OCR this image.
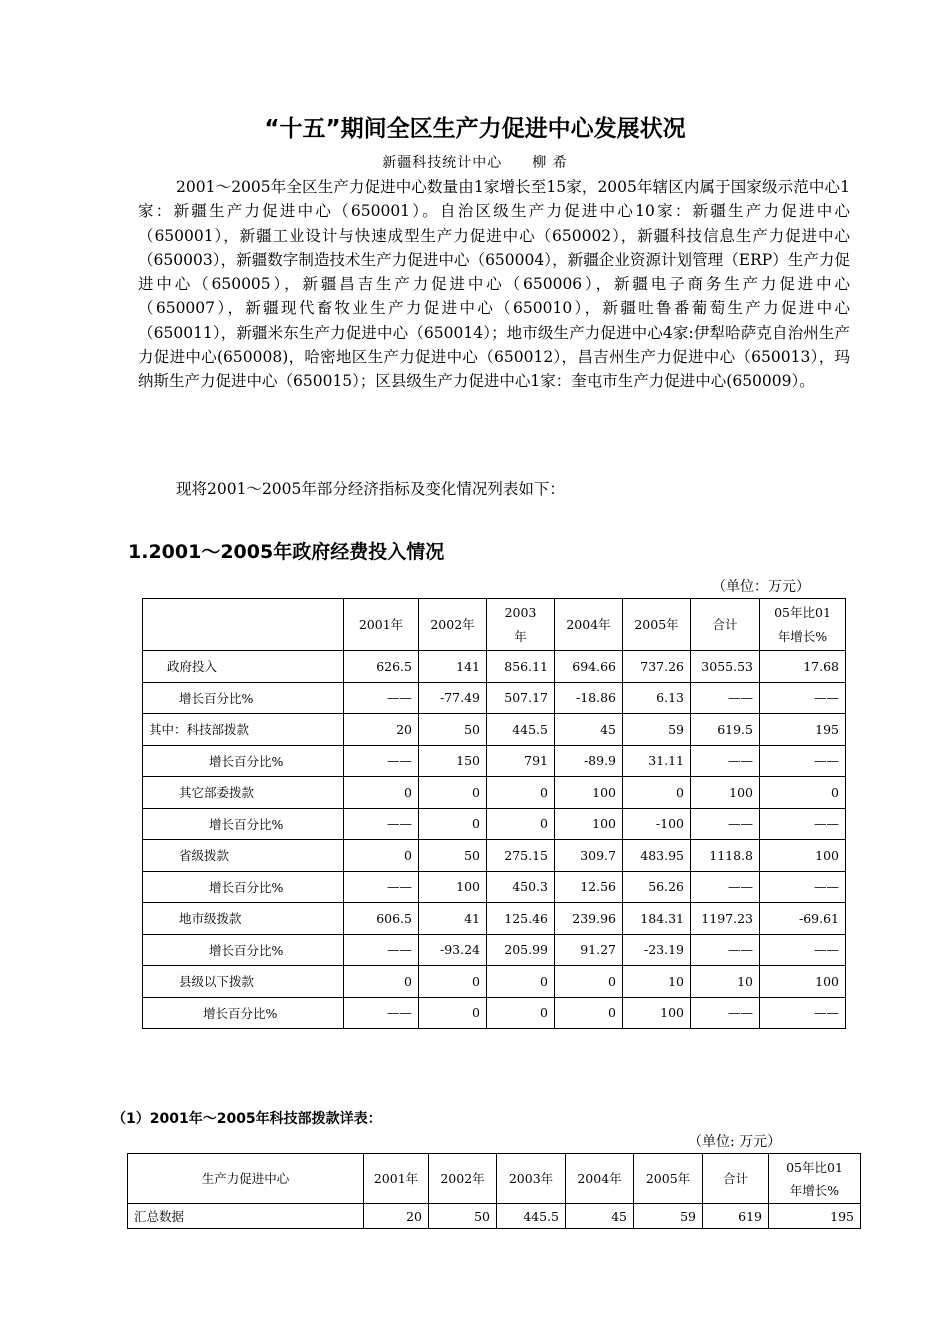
“十五”期间全区生产力促进中心发展状况
新疆科技统计中心 柳 希

2001～2005年全区生产力促进中心数量由1家增长至15家，2005年辖区内属于国家级示范中心1家：新疆生产力促进中心（650001）。自治区级生产力促进中心10家：新疆生产力促进中心（650001），新疆工业设计与快速成型生产力促进中心（650002），新疆科技信息生产力促进中心（650003），新疆数字制造技术生产力促进中心（650004），新疆企业资源计划管理（ERP）生产力促进中心（650005），新疆昌吉生产力促进中心（650006），新疆电子商务生产力促进中心（650007），新疆现代畜牧业生产力促进中心（650010），新疆吐鲁番葡萄生产力促进中心（650011），新疆米东生产力促进中心（650014）；地市级生产力促进中心4家:伊犁哈萨克自治州生产力促进中心(650008)，哈密地区生产力促进中心（650012），昌吉州生产力促进中心（650013），玛纳斯生产力促进中心（650015）；区县级生产力促进中心1家：奎屯市生产力促进中心(650009）。

现将2001～2005年部分经济指标及变化情况列表如下：

1.2001～2005年政府经费投入情况

（单位：万元）
	2001年	2002年	2003
年	2004年	2005年	合计	05年比01
年增长%
政府投入	626.5	141	856.11	694.66	737.26	3055.53	17.68
增长百分比%	——	-77.49	507.17	-18.86	6.13	——	——
其中：科技部拨款	20	50	445.5	45	59	619.5	195
增长百分比%	——	150	791	-89.9	31.11	——	——
其它部委拨款	0	0	0	100	0	100	0
增长百分比%	——	0	0	100	-100	——	——
省级拨款	0	50	275.15	309.7	483.95	1118.8	100
增长百分比%	——	100	450.3	12.56	56.26	——	——
地市级拨款	606.5	41	125.46	239.96	184.31	1197.23	-69.61
增长百分比%	——	-93.24	205.99	91.27	-23.19	——	——
县级以下拨款	0	0	0	0	10	10	100
增长百分比%	——	0	0	0	100	——	——

（1）2001年～2005年科技部拨款详表：

（单位: 万元）
生产力促进中心	2001年	2002年	2003年	2004年	2005年	合计	05年比01
年增长%
汇总数据	20	50	445.5	45	59	619	195
